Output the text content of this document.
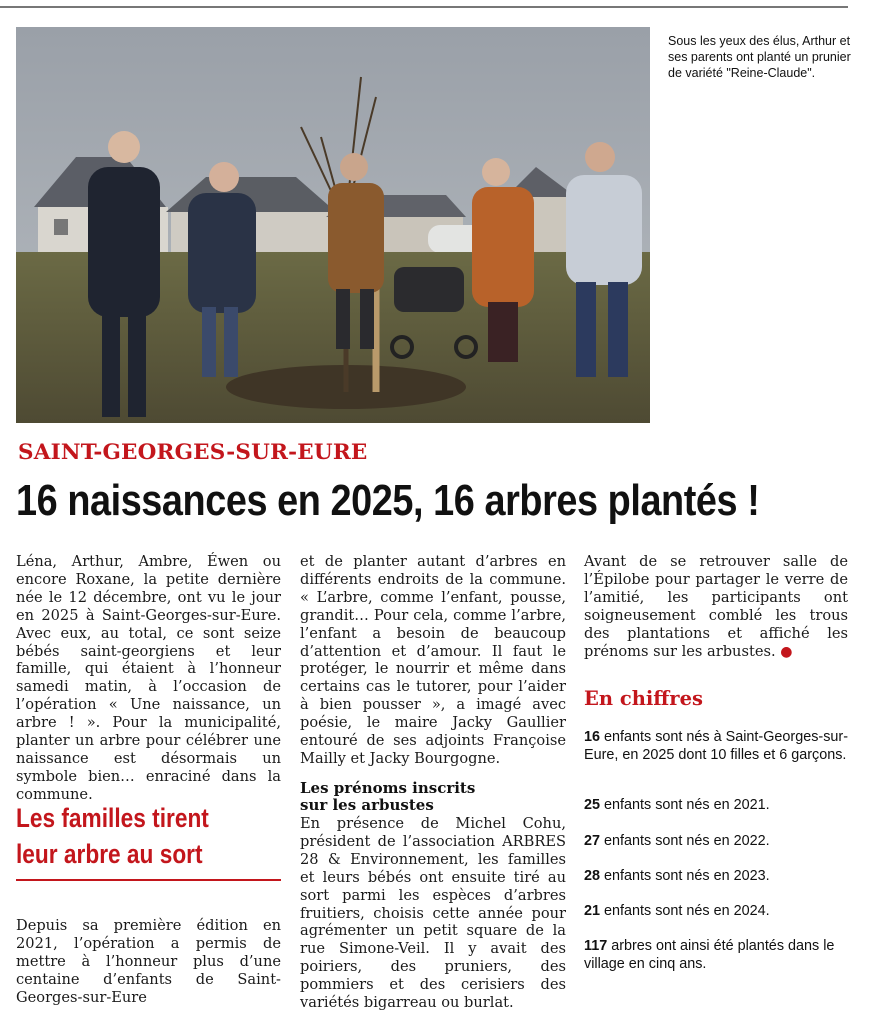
Sous les yeux des élus, Arthur et ses parents ont planté un prunier de variété "Reine-Claude".
SAINT-GEORGES-SUR-EURE
16 naissances en 2025, 16 arbres plantés !

Léna, Arthur, Ambre, Éwen ou encore Roxane, la petite dernière née le 12 décembre, ont vu le jour en 2025 à Saint-Georges-sur-Eure. Avec eux, au total, ce sont seize bébés saint-georgiens et leur famille, qui étaient à l’honneur samedi matin, à l’occasion de l’opération « Une naissance, un arbre ! ». Pour la municipalité, planter un arbre pour célébrer une naissance est désormais un symbole bien… enraciné dans la commune.

Les familles tirent
leur arbre au sort

Depuis sa première édition en 2021, l’opération a permis de mettre à l’honneur plus d’une centaine d’enfants de Saint-Georges-sur-Eure

et de planter autant d’arbres en différents endroits de la commune. « L’arbre, comme l’enfant, pousse, grandit… Pour cela, comme l’arbre, l’enfant a besoin de beaucoup d’attention et d’amour. Il faut le protéger, le nourrir et même dans certains cas le tutorer, pour l’aider à bien pousser », a imagé avec poésie, le maire Jacky Gaullier entouré de ses adjoints Françoise Mailly et Jacky Bourgogne.

Les prénoms inscrits
sur les arbustes

En présence de Michel Cohu, président de l’association ARBRES 28 & Environnement, les familles et leurs bébés ont ensuite tiré au sort parmi les espèces d’arbres fruitiers, choisis cette année pour agrémenter un petit square de la rue Simone-Veil. Il y avait des poiriers, des pruniers, des pommiers et des cerisiers des variétés bigarreau ou burlat.

Avant de se retrouver salle de l’Épilobe pour partager le verre de l’amitié, les participants ont soigneusement comblé les trous des plantations et affiché les prénoms sur les arbustes. ●

En chiffres
16 enfants sont nés à Saint-Georges-sur-Eure, en 2025 dont 10 filles et 6 garçons.
25 enfants sont nés en 2021.
27 enfants sont nés en 2022.
28 enfants sont nés en 2023.
21 enfants sont nés en 2024.
117 arbres ont ainsi été plantés dans le village en cinq ans.
